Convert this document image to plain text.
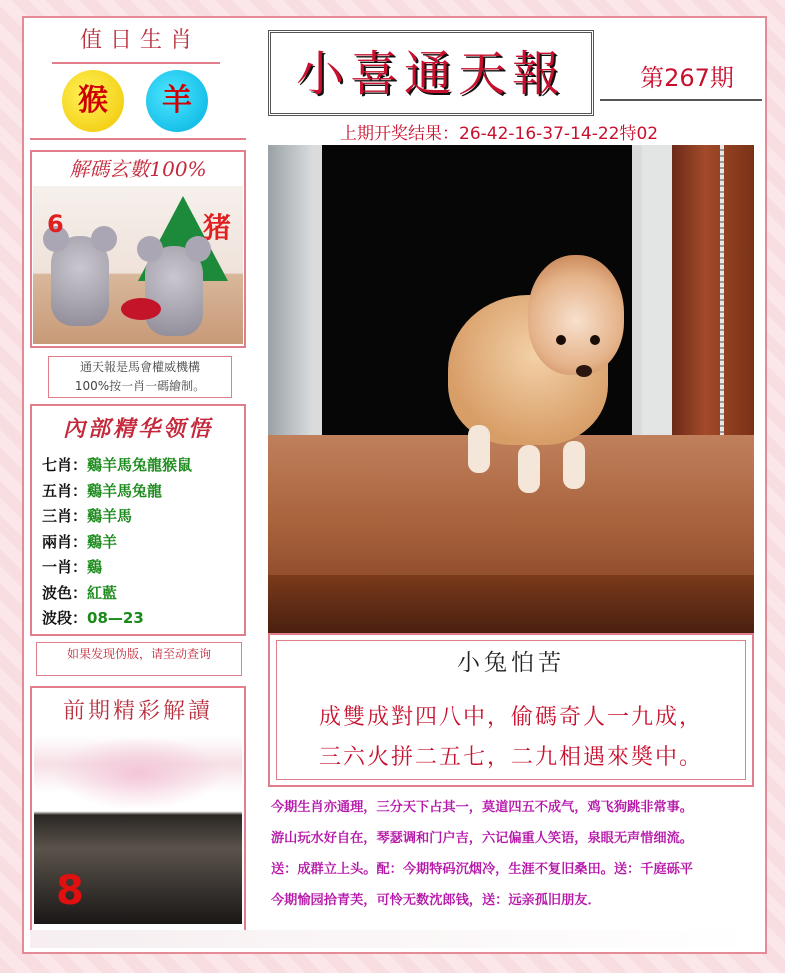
值日生肖
猴	羊
解碼玄數100%
6	猪
通天報是馬會權威機構
100%按一肖一碼繪制。
內部精华领悟
七肖：鷄羊馬兔龍猴鼠
五肖：鷄羊馬兔龍
三肖：鷄羊馬
兩肖：鷄羊
一肖：鷄
波色：紅藍
波段：08—23
如果发现伪版，请至动查询
前期精彩解讀
8
小喜通天報	第267期
上期开奖结果：26-42-16-37-14-22特02
小兔怕苦
成雙成對四八中，偷碼奇人一九成，
三六火拼二五七，二九相遇來奬中。
今期生肖亦通理，三分天下占其一，莫道四五不成气，鸡飞狗跳非常事。
游山玩水好自在，琴瑟调和门户吉，六记偏重人笑语，泉眼无声惜细流。
送：成群立上头。配：今期特码沉烟冷，生涯不复旧桑田。送：千庭砾平
今期愉园拾青芙，可怜无数沈郎钱，送：远亲孤旧朋友．
